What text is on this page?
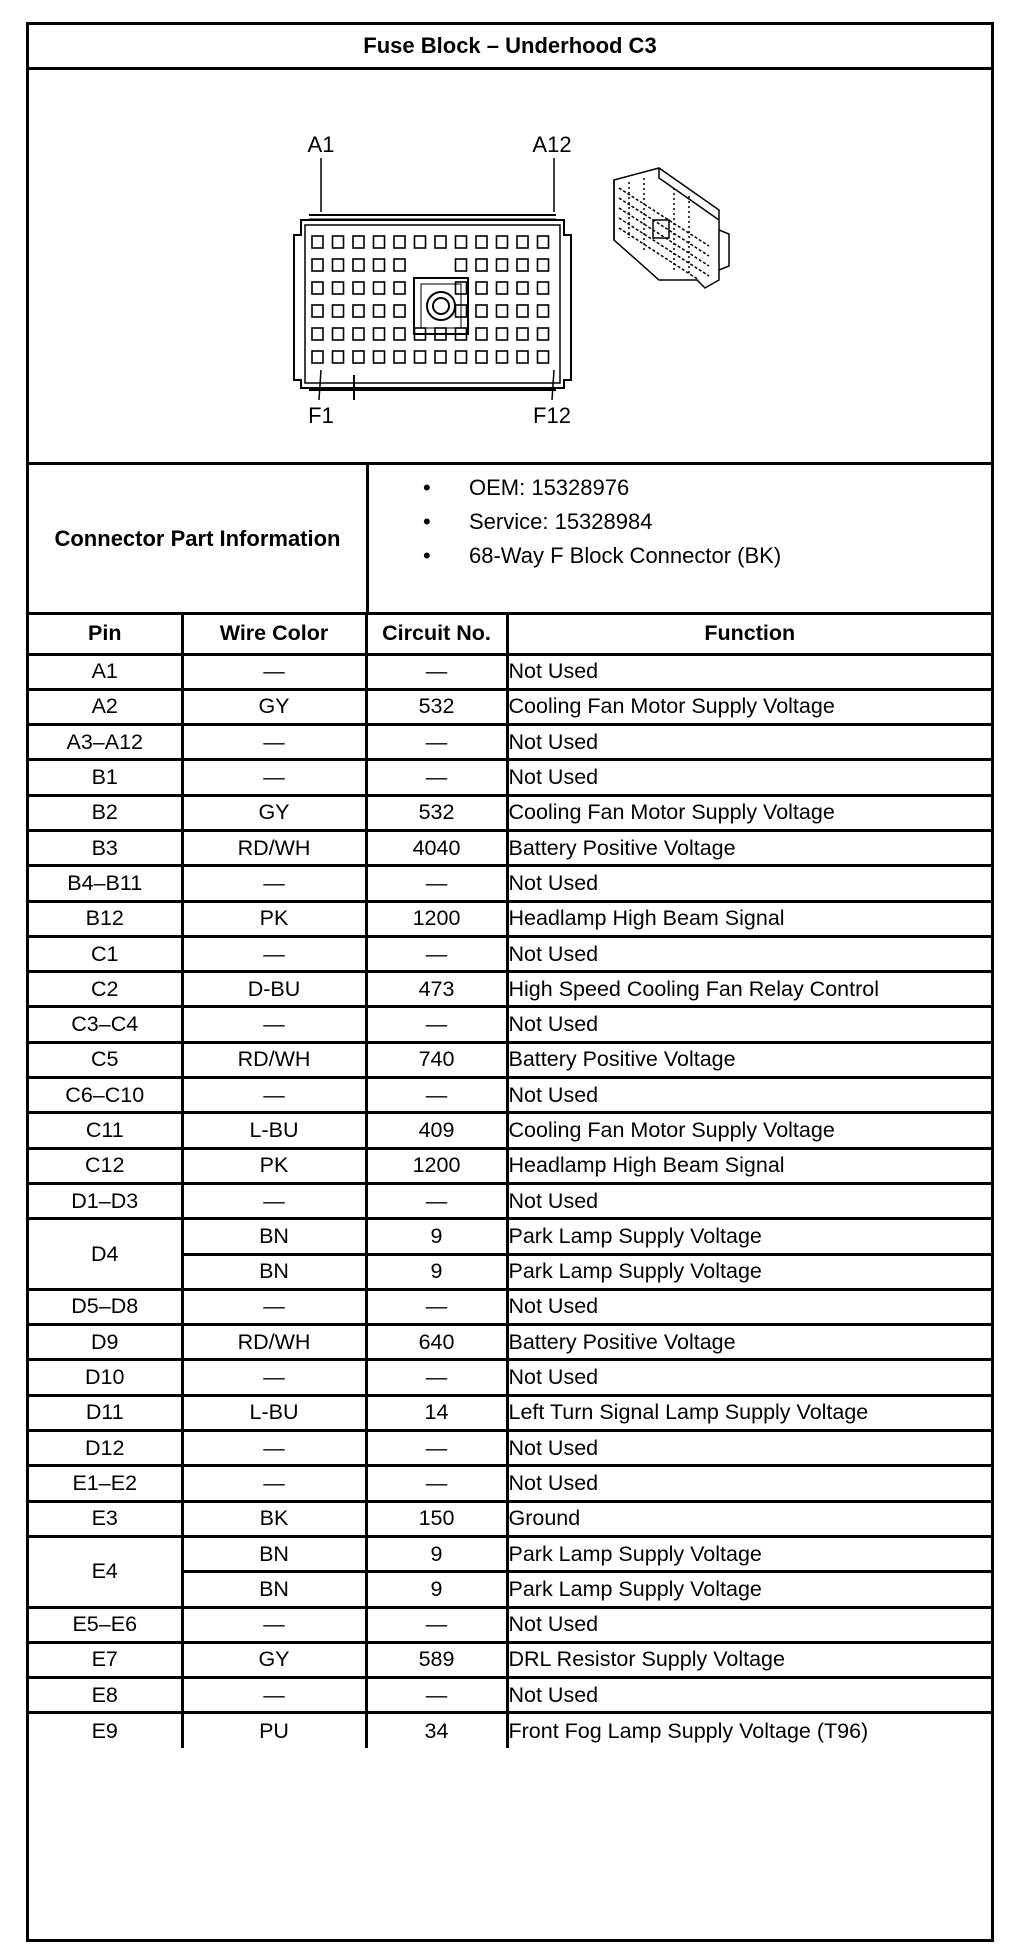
Fuse Block – Underhood C3
A1	A12
F1	F12
Connector Part Information
• OEM: 15328976
• Service: 15328984
• 68-Way F Block Connector (BK)
Pin	Wire Color	Circuit No.	Function
A1	—	—	Not Used
A2	GY	532	Cooling Fan Motor Supply Voltage
A3–A12	—	—	Not Used
B1	—	—	Not Used
B2	GY	532	Cooling Fan Motor Supply Voltage
B3	RD/WH	4040	Battery Positive Voltage
B4–B11	—	—	Not Used
B12	PK	1200	Headlamp High Beam Signal
C1	—	—	Not Used
C2	D-BU	473	High Speed Cooling Fan Relay Control
C3–C4	—	—	Not Used
C5	RD/WH	740	Battery Positive Voltage
C6–C10	—	—	Not Used
C11	L-BU	409	Cooling Fan Motor Supply Voltage
C12	PK	1200	Headlamp High Beam Signal
D1–D3	—	—	Not Used
D4	BN	9	Park Lamp Supply Voltage
	BN	9	Park Lamp Supply Voltage
D5–D8	—	—	Not Used
D9	RD/WH	640	Battery Positive Voltage
D10	—	—	Not Used
D11	L-BU	14	Left Turn Signal Lamp Supply Voltage
D12	—	—	Not Used
E1–E2	—	—	Not Used
E3	BK	150	Ground
E4	BN	9	Park Lamp Supply Voltage
	BN	9	Park Lamp Supply Voltage
E5–E6	—	—	Not Used
E7	GY	589	DRL Resistor Supply Voltage
E8	—	—	Not Used
E9	PU	34	Front Fog Lamp Supply Voltage (T96)
